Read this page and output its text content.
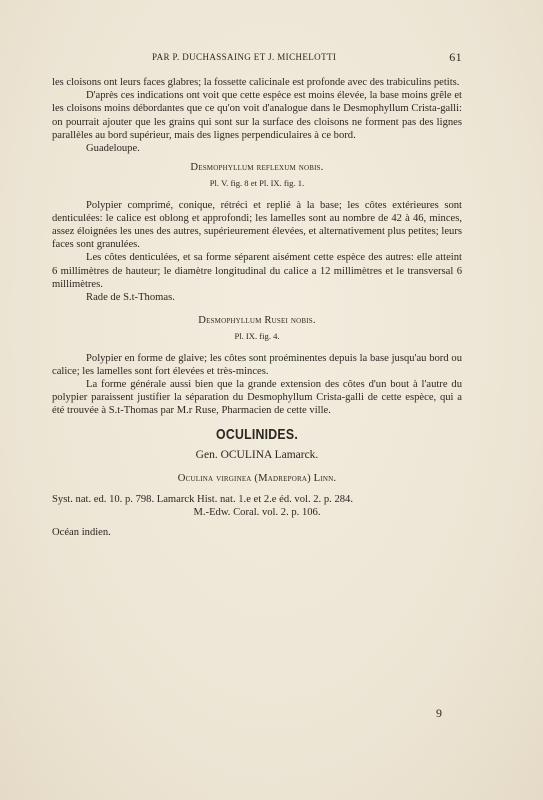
PAR P. DUCHASSAING ET J. MICHELOTTI	61

les cloisons ont leurs faces glabres; la fossette calicinale est profonde avec des trabiculins petits.

D'après ces indications ont voit que cette espèce est moins élevée, la base moins grêle et les cloisons moins débordantes que ce qu'on voit d'analogue dans le Desmophyllum Crista-galli: on pourrait ajouter que les grains qui sont sur la surface des cloisons ne forment pas des lignes parallèles au bord supérieur, mais des lignes perpendiculaires à ce bord.

Guadeloupe.

Desmophyllum reflexum nobis.

Pl. V. fig. 8 et Pl. IX. fig. 1.

Polypier comprimé, conique, rétréci et replié à la base; les côtes extérieures sont denticulées: le calice est oblong et approfondi; les lamelles sont au nombre de 42 à 46, minces, assez éloignées les unes des autres, supérieurement élevées, et alternativement plus petites; leurs faces sont granulées.

Les côtes denticulées, et sa forme séparent aisément cette espèce des autres: elle atteint 6 millimètres de hauteur; le diamètre longitudinal du calice a 12 millimètres et le transversal 6 millimètres.

Rade de S.t-Thomas.

Desmophyllum Rusei nobis.

Pl. IX. fig. 4.

Polypier en forme de glaive; les côtes sont proéminentes depuis la base jusqu'au bord ou calice; les lamelles sont fort élevées et très-minces.

La forme générale aussi bien que la grande extension des côtes d'un bout à l'autre du polypier paraissent justifier la séparation du Desmophyllum Crista-galli de cette espèce, qui a été trouvée à S.t-Thomas par M.r Ruse, Pharmacien de cette ville.

OCULINIDES.

Gen. OCULINA Lamarck.

Oculina virginea (Madrepora) Linn.

Syst. nat. ed. 10. p. 798. Lamarck Hist. nat. 1.e et 2.e éd. vol. 2. p. 284.

M.-Edw. Coral. vol. 2. p. 106.

Océan indien.

9
